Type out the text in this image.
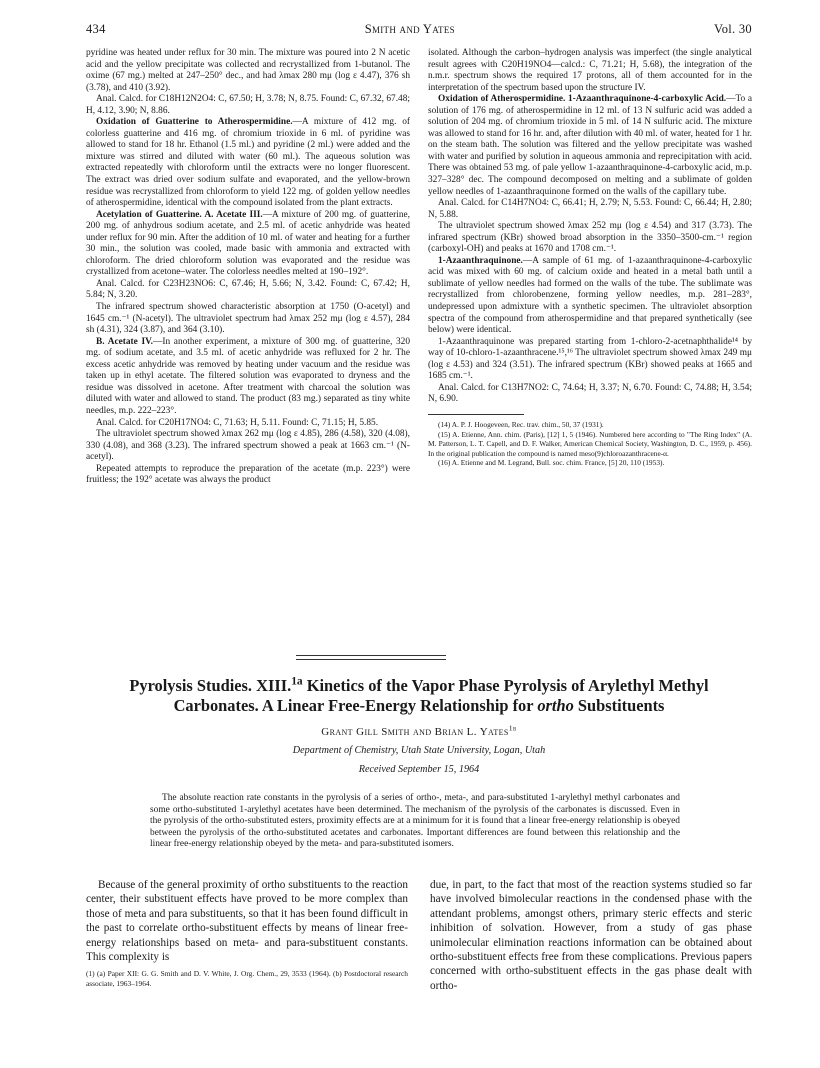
434	Smith and Yates	Vol. 30

pyridine was heated under reflux for 30 min. The mixture was poured into 2 N acetic acid and the yellow precipitate was collected and recrystallized from 1-butanol. The oxime (67 mg.) melted at 247–250° dec., and had λmax 280 mμ (log ε 4.47), 376 sh (3.78), and 410 (3.92).

Anal. Calcd. for C18H12N2O4: C, 67.50; H, 3.78; N, 8.75. Found: C, 67.32, 67.48; H, 4.12, 3.90; N, 8.86.

Oxidation of Guatterine to Atherospermidine.—A mixture of 412 mg. of colorless guatterine and 416 mg. of chromium trioxide in 6 ml. of pyridine was allowed to stand for 18 hr. Ethanol (1.5 ml.) and pyridine (2 ml.) were added and the mixture was stirred and diluted with water (60 ml.). The aqueous solution was extracted repeatedly with chloroform until the extracts were no longer fluorescent. The extract was dried over sodium sulfate and evaporated, and the yellow-brown residue was recrystallized from chloroform to yield 122 mg. of golden yellow needles of atherospermidine, identical with the compound isolated from the plant extracts.

Acetylation of Guatterine. A. Acetate III.—A mixture of 200 mg. of guatterine, 200 mg. of anhydrous sodium acetate, and 2.5 ml. of acetic anhydride was heated under reflux for 90 min. After the addition of 10 ml. of water and heating for a further 30 min., the solution was cooled, made basic with ammonia and extracted with chloroform. The dried chloroform solution was evaporated and the residue was crystallized from acetone–water. The colorless needles melted at 190–192°.

Anal. Calcd. for C23H23NO6: C, 67.46; H, 5.66; N, 3.42. Found: C, 67.42; H, 5.84; N, 3.20.

The infrared spectrum showed characteristic absorption at 1750 (O-acetyl) and 1645 cm.⁻¹ (N-acetyl). The ultraviolet spectrum had λmax 252 mμ (log ε 4.57), 284 sh (4.31), 324 (3.87), and 364 (3.10).

B. Acetate IV.—In another experiment, a mixture of 300 mg. of guatterine, 320 mg. of sodium acetate, and 3.5 ml. of acetic anhydride was refluxed for 2 hr. The excess acetic anhydride was removed by heating under vacuum and the residue was taken up in ethyl acetate. The filtered solution was evaporated to dryness and the residue was dissolved in acetone. After treatment with charcoal the solution was diluted with water and allowed to stand. The product (83 mg.) separated as tiny white needles, m.p. 222–223°.

Anal. Calcd. for C20H17NO4: C, 71.63; H, 5.11. Found: C, 71.15; H, 5.85.

The ultraviolet spectrum showed λmax 262 mμ (log ε 4.85), 286 (4.58), 320 (4.08), 330 (4.08), and 368 (3.23). The infrared spectrum showed a peak at 1663 cm.⁻¹ (N-acetyl).

Repeated attempts to reproduce the preparation of the acetate (m.p. 223°) were fruitless; the 192° acetate was always the product

isolated. Although the carbon–hydrogen analysis was imperfect (the single analytical result agrees with C20H19NO4—calcd.: C, 71.21; H, 5.68), the integration of the n.m.r. spectrum shows the required 17 protons, all of them accounted for in the interpretation of the spectrum based upon the structure IV.

Oxidation of Atherospermidine. 1-Azaanthraquinone-4-carboxylic Acid.—To a solution of 176 mg. of atherospermidine in 12 ml. of 13 N sulfuric acid was added a solution of 204 mg. of chromium trioxide in 5 ml. of 14 N sulfuric acid. The mixture was allowed to stand for 16 hr. and, after dilution with 40 ml. of water, heated for 1 hr. on the steam bath. The solution was filtered and the yellow precipitate was washed with water and purified by solution in aqueous ammonia and reprecipitation with acid. There was obtained 53 mg. of pale yellow 1-azaanthraquinone-4-carboxylic acid, m.p. 327–328° dec. The compound decomposed on melting and a sublimate of golden yellow needles of 1-azaanthraquinone formed on the walls of the capillary tube.

Anal. Calcd. for C14H7NO4: C, 66.41; H, 2.79; N, 5.53. Found: C, 66.44; H, 2.80; N, 5.88.

The ultraviolet spectrum showed λmax 252 mμ (log ε 4.54) and 317 (3.73). The infrared spectrum (KBr) showed broad absorption in the 3350–3500-cm.⁻¹ region (carboxyl-OH) and peaks at 1670 and 1708 cm.⁻¹.

1-Azaanthraquinone.—A sample of 61 mg. of 1-azaanthraquinone-4-carboxylic acid was mixed with 60 mg. of calcium oxide and heated in a metal bath until a sublimate of yellow needles had formed on the walls of the tube. The sublimate was recrystallized from chlorobenzene, forming yellow needles, m.p. 281–283°, undepressed upon admixture with a synthetic specimen. The ultraviolet absorption spectra of the compound from atherospermidine and that prepared synthetically (see below) were identical.

1-Azaanthraquinone was prepared starting from 1-chloro-2-acetnaphthalide¹⁴ by way of 10-chloro-1-azaanthracene.¹⁵,¹⁶ The ultraviolet spectrum showed λmax 249 mμ (log ε 4.53) and 324 (3.51). The infrared spectrum (KBr) showed peaks at 1665 and 1685 cm.⁻¹.

Anal. Calcd. for C13H7NO2: C, 74.64; H, 3.37; N, 6.70. Found: C, 74.88; H, 3.54; N, 6.90.

(14) A. P. J. Hoogeveen, Rec. trav. chim., 50, 37 (1931).

(15) A. Etienne, Ann. chim. (Paris), [12] 1, 5 (1946). Numbered here according to "The Ring Index" (A. M. Patterson, L. T. Capell, and D. F. Walker, American Chemical Society, Washington, D. C., 1959, p. 456). In the original publication the compound is named meso(9)chloroazanthracene-α.

(16) A. Etienne and M. Legrand, Bull. soc. chim. France, [5] 20, 110 (1953).

Pyrolysis Studies. XIII.$^{1a}$ Kinetics of the Vapor Phase Pyrolysis of Arylethyl Methyl Carbonates. A Linear Free-Energy Relationship for ortho Substituents
Grant Gill Smith and Brian L. Yates$^{1b}$
Department of Chemistry, Utah State University, Logan, Utah
Received September 15, 1964

The absolute reaction rate constants in the pyrolysis of a series of ortho-, meta-, and para-substituted 1-arylethyl methyl carbonates and some ortho-substituted 1-arylethyl acetates have been determined. The mechanism of the pyrolysis of the carbonates is discussed. Even in the pyrolysis of the ortho-substituted esters, proximity effects are at a minimum for it is found that a linear free-energy relationship is obeyed between the pyrolysis of the ortho-substituted acetates and carbonates. Important differences are found between this relationship and the linear free-energy relationship obeyed by the meta- and para-substituted isomers.

Because of the general proximity of ortho substituents to the reaction center, their substituent effects have proved to be more complex than those of meta and para substituents, so that it has been found difficult in the past to correlate ortho-substituent effects by means of linear free-energy relationships based on meta- and para-substituent constants. This complexity is

(1) (a) Paper XII: G. G. Smith and D. V. White, J. Org. Chem., 29, 3533 (1964). (b) Postdoctoral research associate, 1963–1964.

due, in part, to the fact that most of the reaction systems studied so far have involved bimolecular reactions in the condensed phase with the attendant problems, amongst others, primary steric effects and steric inhibition of solvation. However, from a study of gas phase unimolecular elimination reactions information can be obtained about ortho-substituent effects free from these complications. Previous papers concerned with ortho-substituent effects in the gas phase dealt with ortho-
